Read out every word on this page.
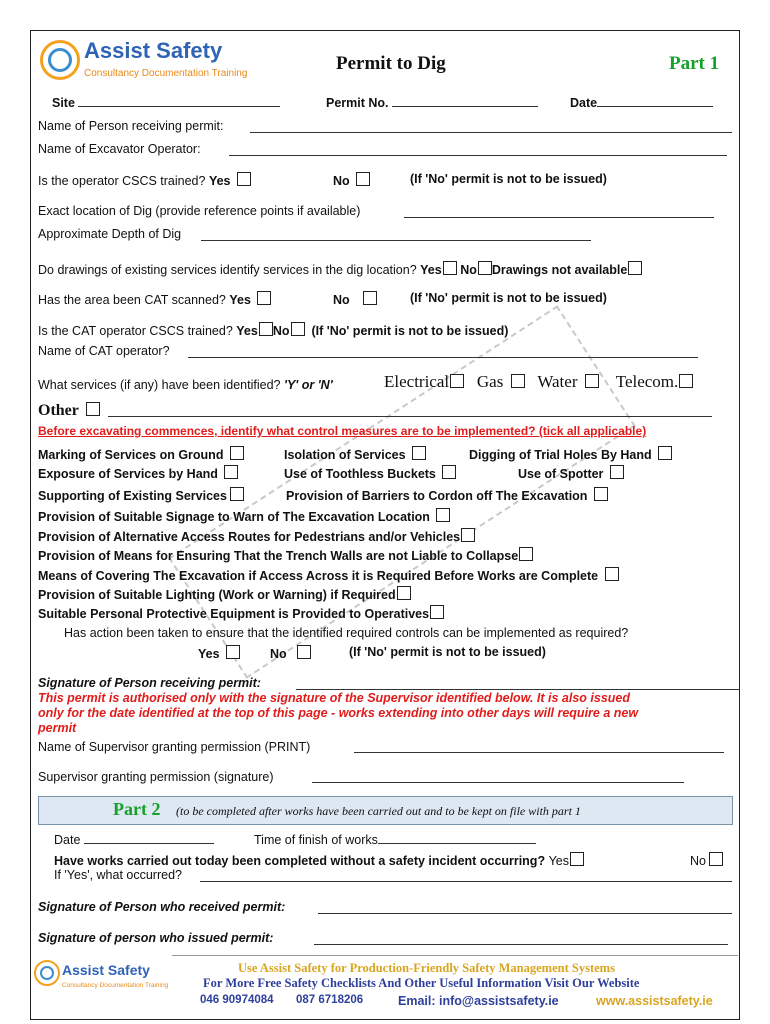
Assist Safety
Consultancy Documentation Training	Permit to Dig	Part 1
Site	Permit No.	Date
Name of Person receiving permit:
Name of Excavator Operator:
Is the operator CSCS trained? Yes	No	(If 'No' permit is not to be issued)
Exact location of Dig (provide reference points if available)
Approximate Depth of Dig
Do drawings of existing services identify services in the dig location? Yes No Drawings not available
Has the area been CAT scanned? Yes	No	(If 'No' permit is not to be issued)
Is the CAT operator CSCS trained? Yes No (If 'No' permit is not to be issued)
Name of CAT operator?
What services (if any) have been identified? 'Y' or 'N'	Electrical Gas Water Telecom.
Other
Before excavating commences, identify what control measures are to be implemented? (tick all applicable)
Marking of Services on Ground	Isolation of Services	Digging of Trial Holes By Hand
Exposure of Services by Hand	Use of Toothless Buckets	Use of Spotter
Supporting of Existing Services	Provision of Barriers to Cordon off The Excavation
Provision of Suitable Signage to Warn of The Excavation Location
Provision of Alternative Access Routes for Pedestrians and/or Vehicles
Provision of Means for Ensuring That the Trench Walls are not Liable to Collapse
Means of Covering The Excavation if Access Across it is Required Before Works are Complete
Provision of Suitable Lighting (Work or Warning) if Required
Suitable Personal Protective Equipment is Provided to Operatives
Has action been taken to ensure that the identified required controls can be implemented as required?
Yes	No	(If 'No' permit is not to be issued)
Signature of Person receiving permit:
This permit is authorised only with the signature of the Supervisor identified below. It is also issued
only for the date identified at the top of this page - works extending into other days will require a new
permit
Name of Supervisor granting permission (PRINT)
Supervisor granting permission (signature)
Part 2 (to be completed after works have been carried out and to be kept on file with part 1
Date	Time of finish of works
Have works carried out today been completed without a safety incident occurring? Yes	No
If 'Yes', what occurred?
Signature of Person who received permit:
Signature of person who issued permit:
Assist Safety
Consultancy Documentation Training
Use Assist Safety for Production-Friendly Safety Management Systems
For More Free Safety Checklists And Other Useful Information Visit Our Website
046 90974084 087 6718206	Email: info@assistsafety.ie	www.assistsafety.ie
